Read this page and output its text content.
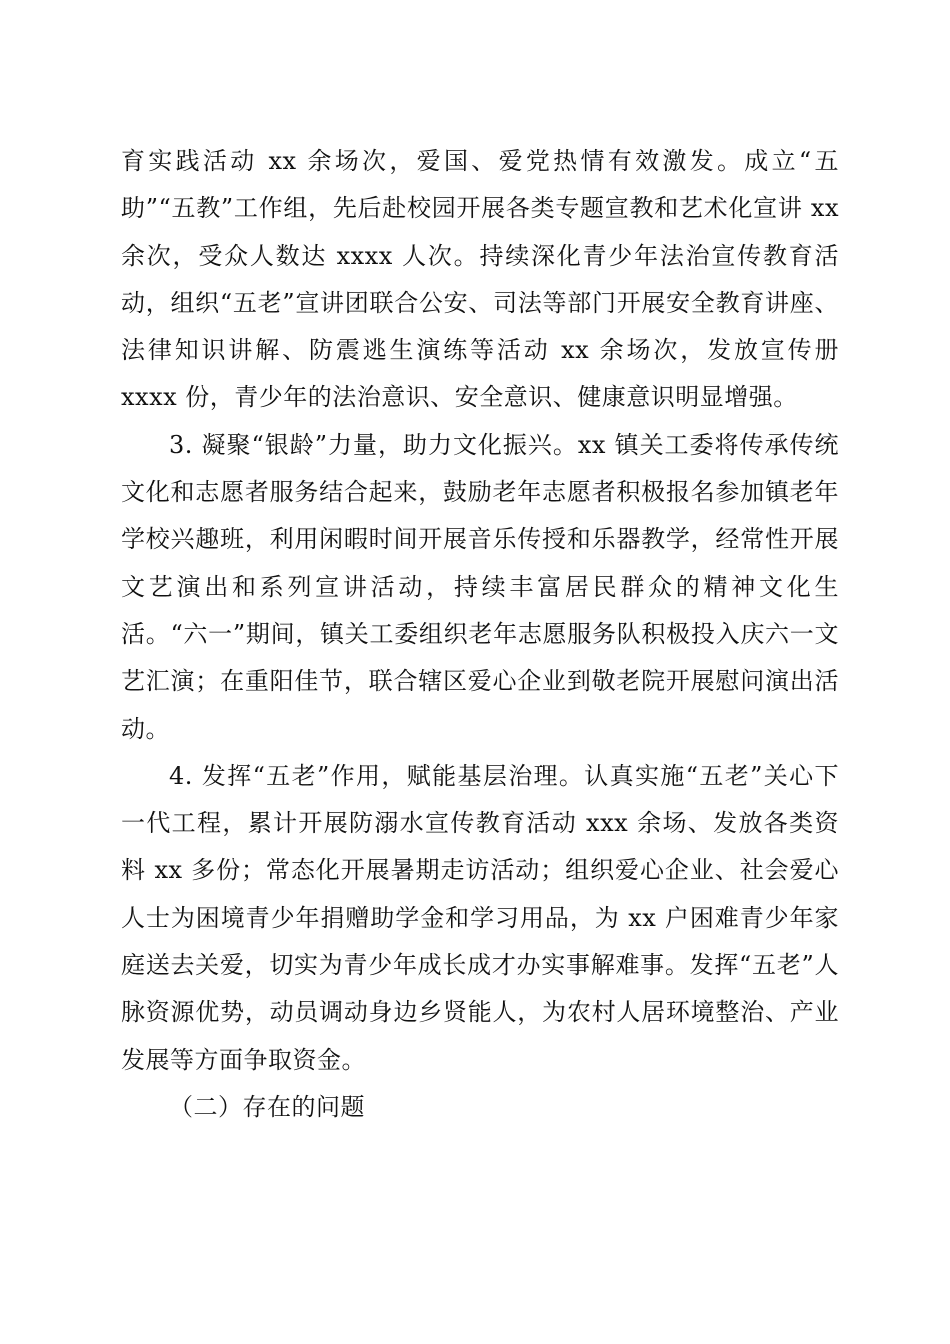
育实践活动 xx 余场次，爱国、爱党热情有效激发。成立“五助”“五教”工作组，先后赴校园开展各类专题宣教和艺术化宣讲 xx 余次，受众人数达 xxxx 人次。持续深化青少年法治宣传教育活动，组织“五老”宣讲团联合公安、司法等部门开展安全教育讲座、法律知识讲解、防震逃生演练等活动 xx 余场次，发放宣传册 xxxx 份，青少年的法治意识、安全意识、健康意识明显增强。

3. 凝聚“银龄”力量，助力文化振兴。xx 镇关工委将传承传统文化和志愿者服务结合起来，鼓励老年志愿者积极报名参加镇老年学校兴趣班，利用闲暇时间开展音乐传授和乐器教学，经常性开展文艺演出和系列宣讲活动，持续丰富居民群众的精神文化生活。“六一”期间，镇关工委组织老年志愿服务队积极投入庆六一文艺汇演；在重阳佳节，联合辖区爱心企业到敬老院开展慰问演出活动。

4. 发挥“五老”作用，赋能基层治理。认真实施“五老”关心下一代工程，累计开展防溺水宣传教育活动 xxx 余场、发放各类资料 xx 多份；常态化开展暑期走访活动；组织爱心企业、社会爱心人士为困境青少年捐赠助学金和学习用品，为 xx 户困难青少年家庭送去关爱，切实为青少年成长成才办实事解难事。发挥“五老”人脉资源优势，动员调动身边乡贤能人，为农村人居环境整治、产业发展等方面争取资金。

（二）存在的问题
